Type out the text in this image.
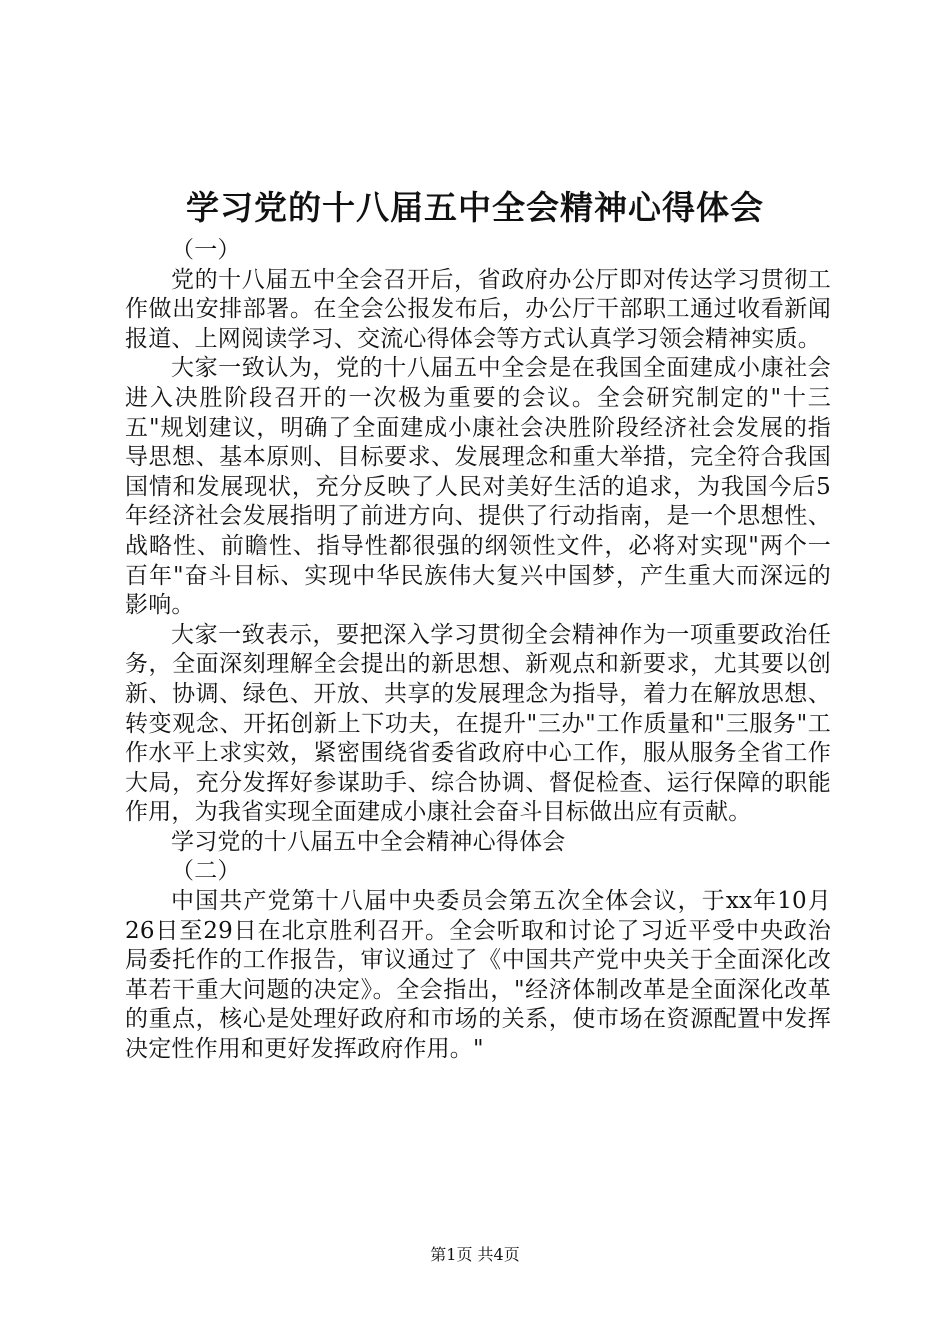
学习党的十八届五中全会精神心得体会
（一）

党的十八届五中全会召开后，省政府办公厅即对传达学习贯彻工作做出安排部署。在全会公报发布后，办公厅干部职工通过收看新闻报道、上网阅读学习、交流心得体会等方式认真学习领会精神实质。

大家一致认为，党的十八届五中全会是在我国全面建成小康社会进入决胜阶段召开的一次极为重要的会议。全会研究制定的"十三五"规划建议，明确了全面建成小康社会决胜阶段经济社会发展的指导思想、基本原则、目标要求、发展理念和重大举措，完全符合我国国情和发展现状，充分反映了人民对美好生活的追求，为我国今后5年经济社会发展指明了前进方向、提供了行动指南，是一个思想性、战略性、前瞻性、指导性都很强的纲领性文件，必将对实现"两个一百年"奋斗目标、实现中华民族伟大复兴中国梦，产生重大而深远的影响。

大家一致表示，要把深入学习贯彻全会精神作为一项重要政治任务，全面深刻理解全会提出的新思想、新观点和新要求，尤其要以创新、协调、绿色、开放、共享的发展理念为指导，着力在解放思想、转变观念、开拓创新上下功夫，在提升"三办"工作质量和"三服务"工作水平上求实效，紧密围绕省委省政府中心工作，服从服务全省工作大局，充分发挥好参谋助手、综合协调、督促检查、运行保障的职能作用，为我省实现全面建成小康社会奋斗目标做出应有贡献。

学习党的十八届五中全会精神心得体会
（二）

中国共产党第十八届中央委员会第五次全体会议，于xx年10月26日至29日在北京胜利召开。全会听取和讨论了习近平受中央政治局委托作的工作报告，审议通过了《中国共产党中央关于全面深化改革若干重大问题的决定》。全会指出，"经济体制改革是全面深化改革的重点，核心是处理好政府和市场的关系，使市场在资源配置中发挥决定性作用和更好发挥政府作用。"

第1页 共4页
